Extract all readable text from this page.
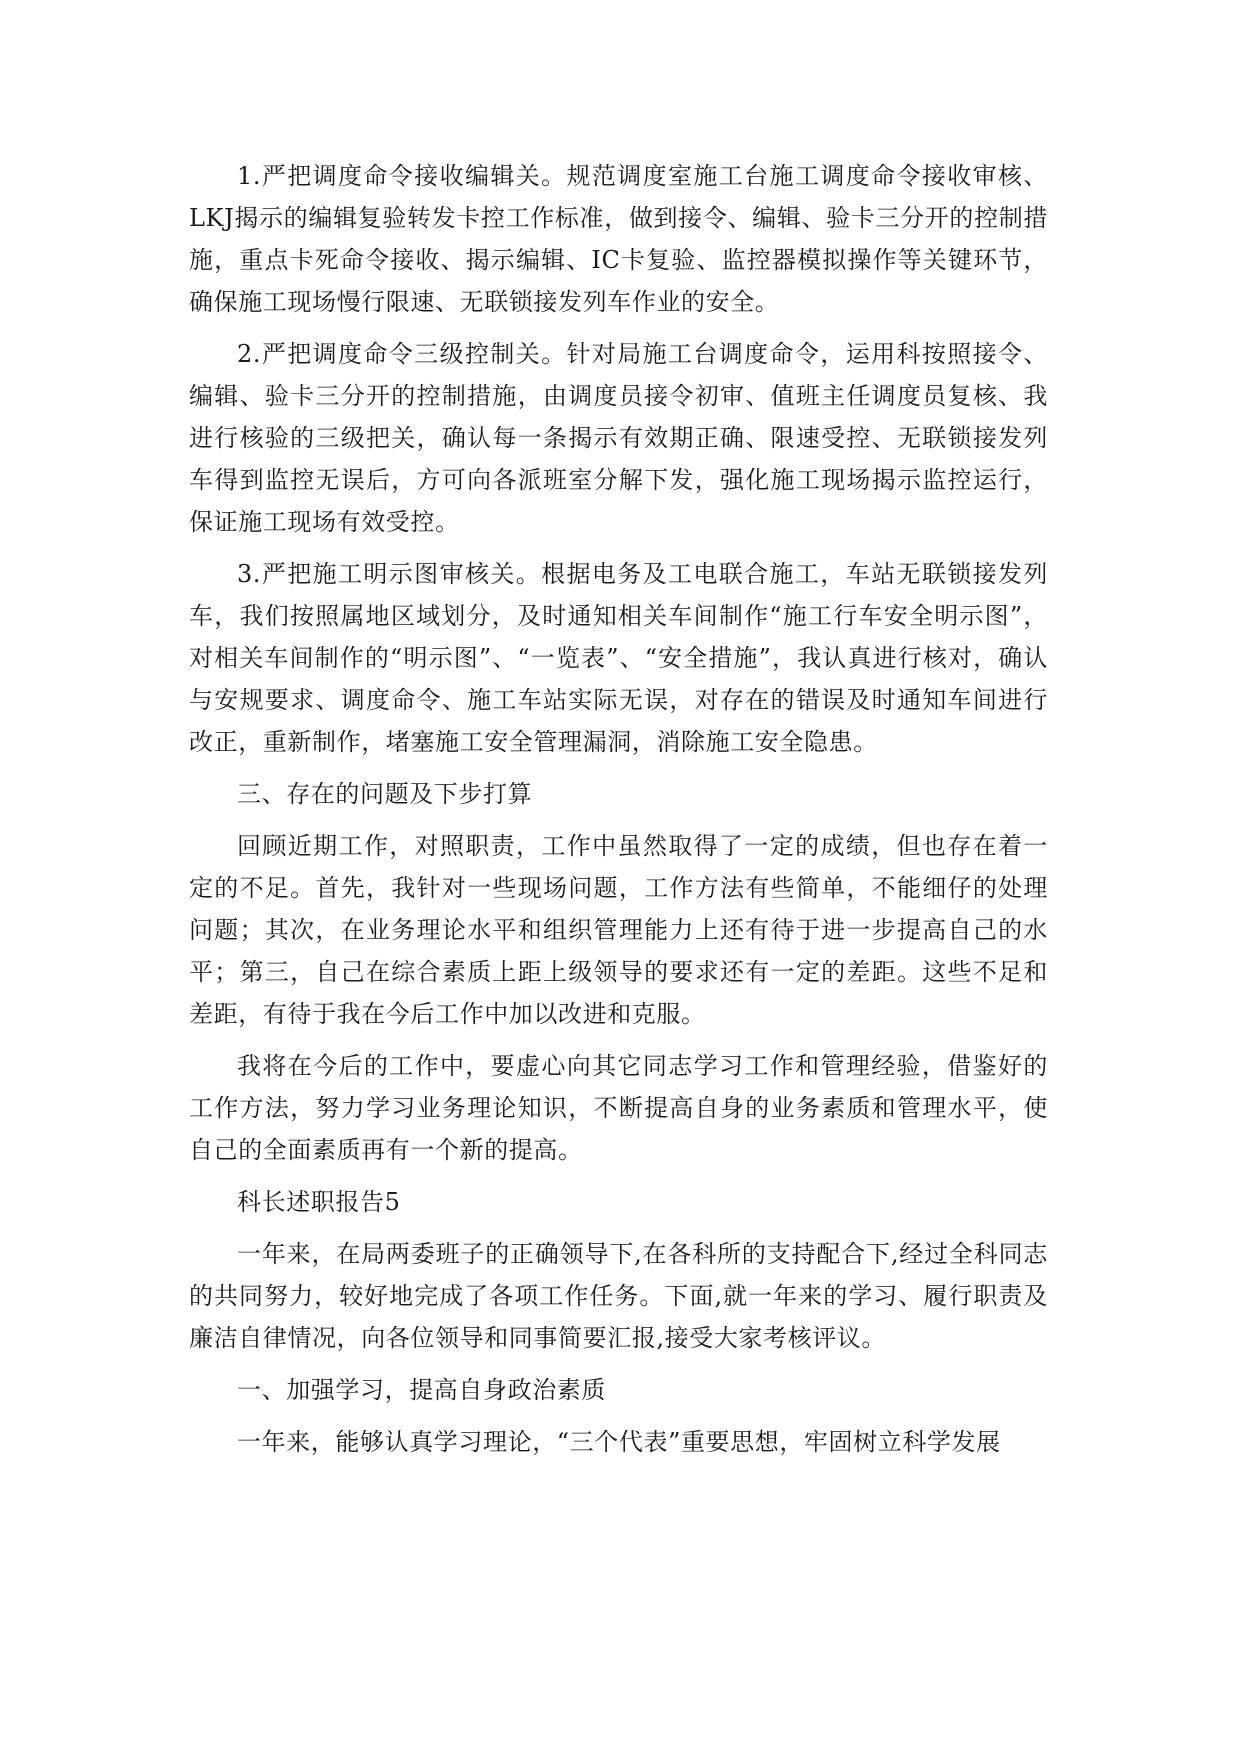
1.严把调度命令接收编辑关。规范调度室施工台施工调度命令接收审核、LKJ揭示的编辑复验转发卡控工作标准，做到接令、编辑、验卡三分开的控制措施，重点卡死命令接收、揭示编辑、IC卡复验、监控器模拟操作等关键环节，确保施工现场慢行限速、无联锁接发列车作业的安全。

2.严把调度命令三级控制关。针对局施工台调度命令，运用科按照接令、编辑、验卡三分开的控制措施，由调度员接令初审、值班主任调度员复核、我进行核验的三级把关，确认每一条揭示有效期正确、限速受控、无联锁接发列车得到监控无误后，方可向各派班室分解下发，强化施工现场揭示监控运行，保证施工现场有效受控。

3.严把施工明示图审核关。根据电务及工电联合施工，车站无联锁接发列车，我们按照属地区域划分，及时通知相关车间制作“施工行车安全明示图”，对相关车间制作的“明示图”、“一览表”、“安全措施”，我认真进行核对，确认与安规要求、调度命令、施工车站实际无误，对存在的错误及时通知车间进行改正，重新制作，堵塞施工安全管理漏洞，消除施工安全隐患。

三、存在的问题及下步打算

回顾近期工作，对照职责，工作中虽然取得了一定的成绩，但也存在着一定的不足。首先，我针对一些现场问题，工作方法有些简单，不能细仔的处理问题；其次，在业务理论水平和组织管理能力上还有待于进一步提高自己的水平；第三，自己在综合素质上距上级领导的要求还有一定的差距。这些不足和差距，有待于我在今后工作中加以改进和克服。

我将在今后的工作中，要虚心向其它同志学习工作和管理经验，借鉴好的工作方法，努力学习业务理论知识，不断提高自身的业务素质和管理水平，使自己的全面素质再有一个新的提高。

科长述职报告5

一年来，在局两委班子的正确领导下,在各科所的支持配合下,经过全科同志的共同努力，较好地完成了各项工作任务。下面,就一年来的学习、履行职责及廉洁自律情况，向各位领导和同事简要汇报,接受大家考核评议。

一、加强学习，提高自身政治素质

一年来，能够认真学习理论，“三个代表”重要思想，牢固树立科学发展
